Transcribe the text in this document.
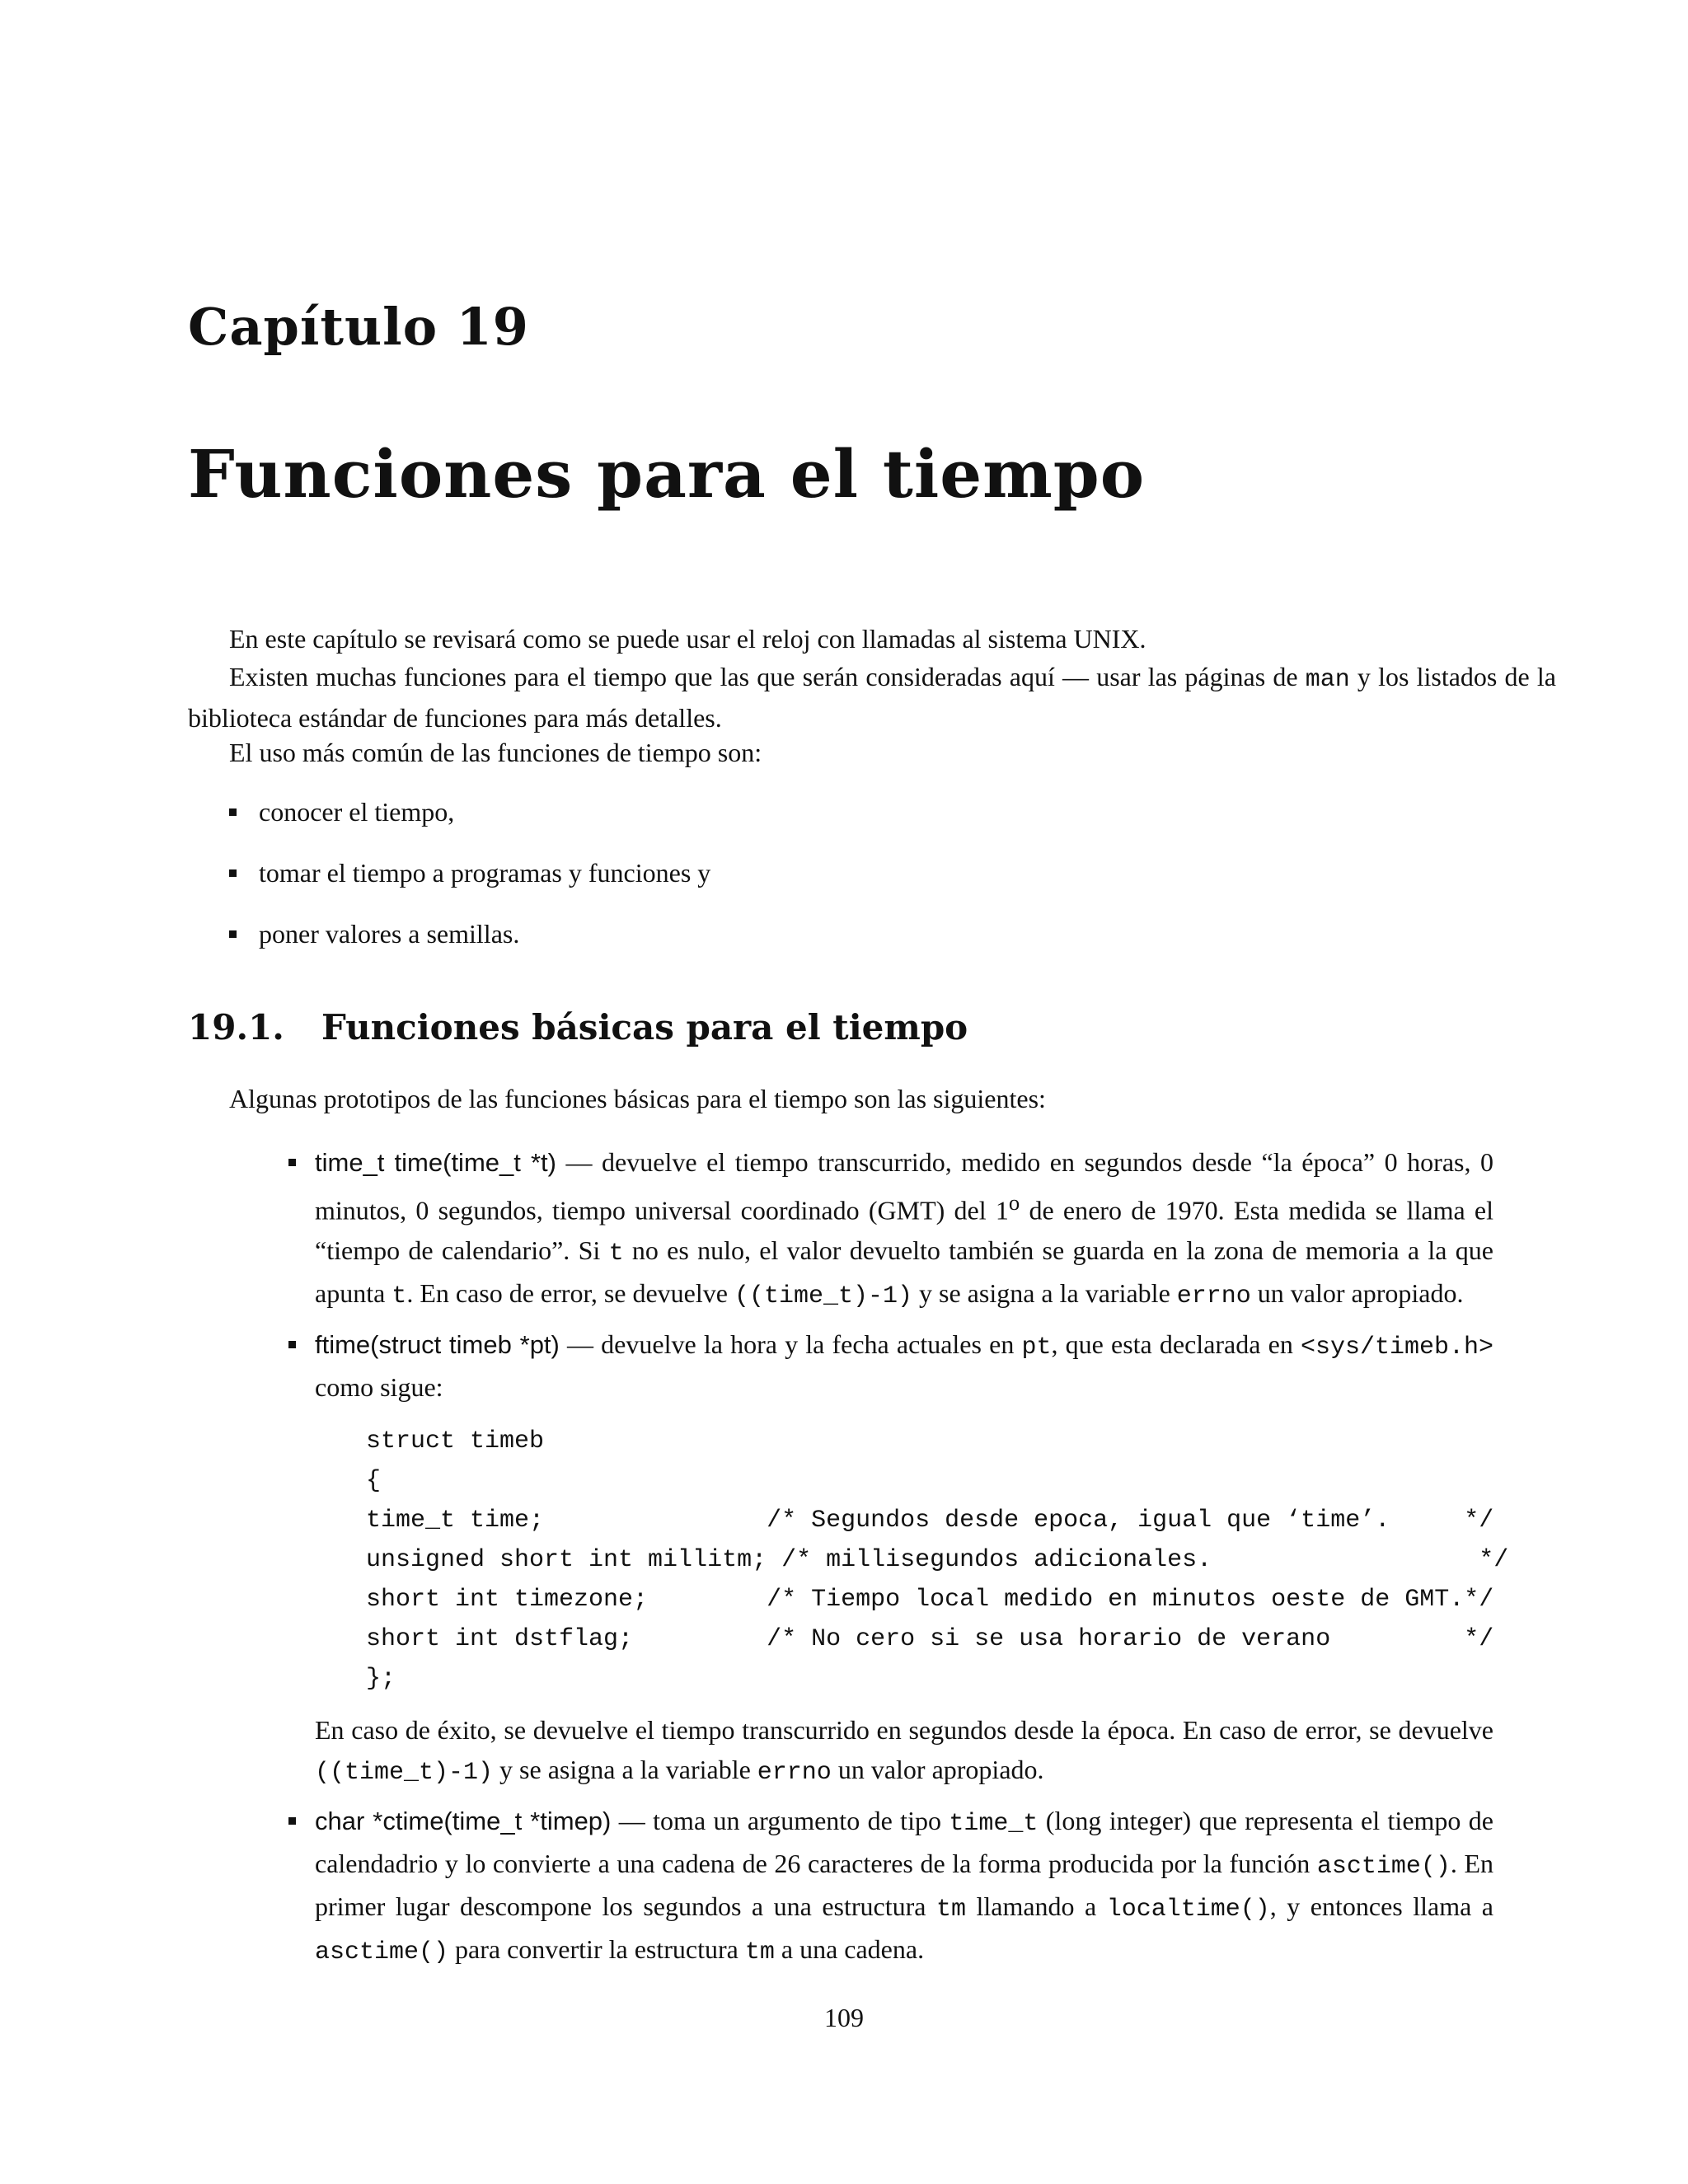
Capítulo 19
Funciones para el tiempo

En este capítulo se revisará como se puede usar el reloj con llamadas al sistema UNIX.

Existen muchas funciones para el tiempo que las que serán consideradas aquí — usar las páginas de man y los listados de la biblioteca estándar de funciones para más detalles.

El uso más común de las funciones de tiempo son:

conocer el tiempo,
tomar el tiempo a programas y funciones y
poner valores a semillas.
19.1. Funciones básicas para el tiempo

Algunas prototipos de las funciones básicas para el tiempo son las siguientes:

time_t time(time_t *t) — devuelve el tiempo transcurrido, medido en segundos desde “la época” 0 horas, 0 minutos, 0 segundos, tiempo universal coordinado (GMT) del 1$^o$ de enero de 1970. Esta medida se llama el “tiempo de calendario”. Si t no es nulo, el valor devuelto también se guarda en la zona de memoria a la que apunta t. En caso de error, se devuelve ((time_t)-1) y se asigna a la variable errno un valor apropiado.
ftime(struct timeb *pt) — devuelve la hora y la fecha actuales en pt, que esta declarada en <sys/timeb.h> como sigue:
struct timeb
{
time_t time;               /* Segundos desde epoca, igual que ‘time’.     */
unsigned short int millitm; /* millisegundos adicionales.                  */
short int timezone;        /* Tiempo local medido en minutos oeste de GMT.*/
short int dstflag;         /* No cero si se usa horario de verano         */
};
En caso de éxito, se devuelve el tiempo transcurrido en segundos desde la época. En caso de error, se devuelve ((time_t)-1) y se asigna a la variable errno un valor apropiado.
char *ctime(time_t *timep) — toma un argumento de tipo time_t (long integer) que representa el tiempo de calendadrio y lo convierte a una cadena de 26 caracteres de la forma producida por la función asctime(). En primer lugar descompone los segundos a una estructura tm llamando a localtime(), y entonces llama a asctime() para convertir la estructura tm a una cadena.

109
